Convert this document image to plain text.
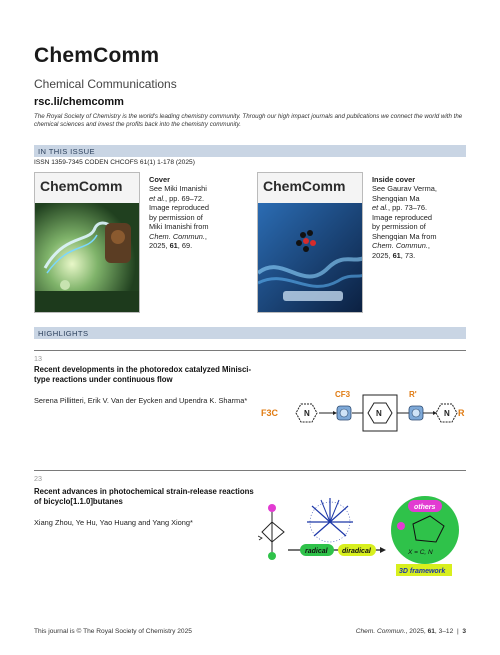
ChemComm
Chemical Communications
rsc.li/chemcomm
The Royal Society of Chemistry is the world's leading chemistry community. Through our high impact journals and publications we connect the world with the chemical sciences and invest the profits back into the chemistry community.
IN THIS ISSUE
ISSN 1359-7345 CODEN CHCOFS 61(1) 1-178 (2025)
ChemComm	Cover
See Miki Imanishi
et al., pp. 69–72.
Image reproduced
by permission of
Miki Imanishi from
Chem. Commun.,
2025, 61, 69.
ChemComm	Inside cover
See Gaurav Verma,
Shengqian Ma
et al., pp. 73–76.
Image reproduced
by permission of
Shengqian Ma from
Chem. Commun.,
2025, 61, 73.
HIGHLIGHTS
13
Recent developments in the photoredox catalyzed Minisci-type reactions under continuous flow
Serena Pillitteri, Erik V. Van der Eycken and Upendra K. Sharma*
F3C	N
CF3
N
R'
N R
23
Recent advances in photochemical strain-release reactions of bicyclo[1.1.0]butanes
Xiang Zhou, Ye Hu, Yao Huang and Yang Xiong*
radical diradical
others
X = C, N
3D framework
This journal is © The Royal Society of Chemistry 2025	Chem. Commun., 2025, 61, 3–12 | 3
